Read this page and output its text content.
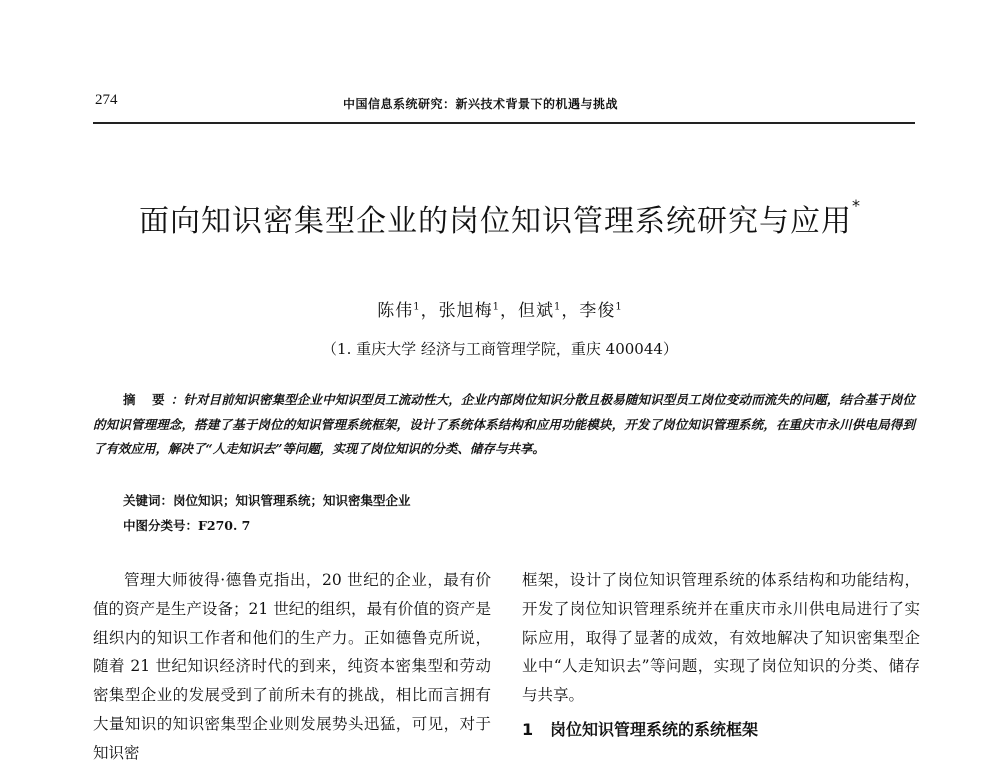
274	中国信息系统研究：新兴技术背景下的机遇与挑战
面向知识密集型企业的岗位知识管理系统研究与应用*
陈伟$^1$，张旭梅$^1$，但斌$^1$，李俊$^1$
（1. 重庆大学 经济与工商管理学院，重庆 400044）
摘 要：针对目前知识密集型企业中知识型员工流动性大，企业内部岗位知识分散且极易随知识型员工岗位变动而流失的问题，结合基于岗位的知识管理理念，搭建了基于岗位的知识管理系统框架，设计了系统体系结构和应用功能模块，开发了岗位知识管理系统，在重庆市永川供电局得到了有效应用，解决了“人走知识去”等问题，实现了岗位知识的分类、储存与共享。
关键词：岗位知识；知识管理系统；知识密集型企业
中图分类号：F270. 7

管理大师彼得·德鲁克指出，20 世纪的企业，最有价值的资产是生产设备；21 世纪的组织，最有价值的资产是组织内的知识工作者和他们的生产力。正如德鲁克所说，随着 21 世纪知识经济时代的到来，纯资本密集型和劳动密集型企业的发展受到了前所未有的挑战，相比而言拥有大量知识的知识密集型企业则发展势头迅猛，可见，对于知识密

框架，设计了岗位知识管理系统的体系结构和功能结构，开发了岗位知识管理系统并在重庆市永川供电局进行了实际应用，取得了显著的成效，有效地解决了知识密集型企业中“人走知识去”等问题，实现了岗位知识的分类、储存与共享。

1 岗位知识管理系统的系统框架
